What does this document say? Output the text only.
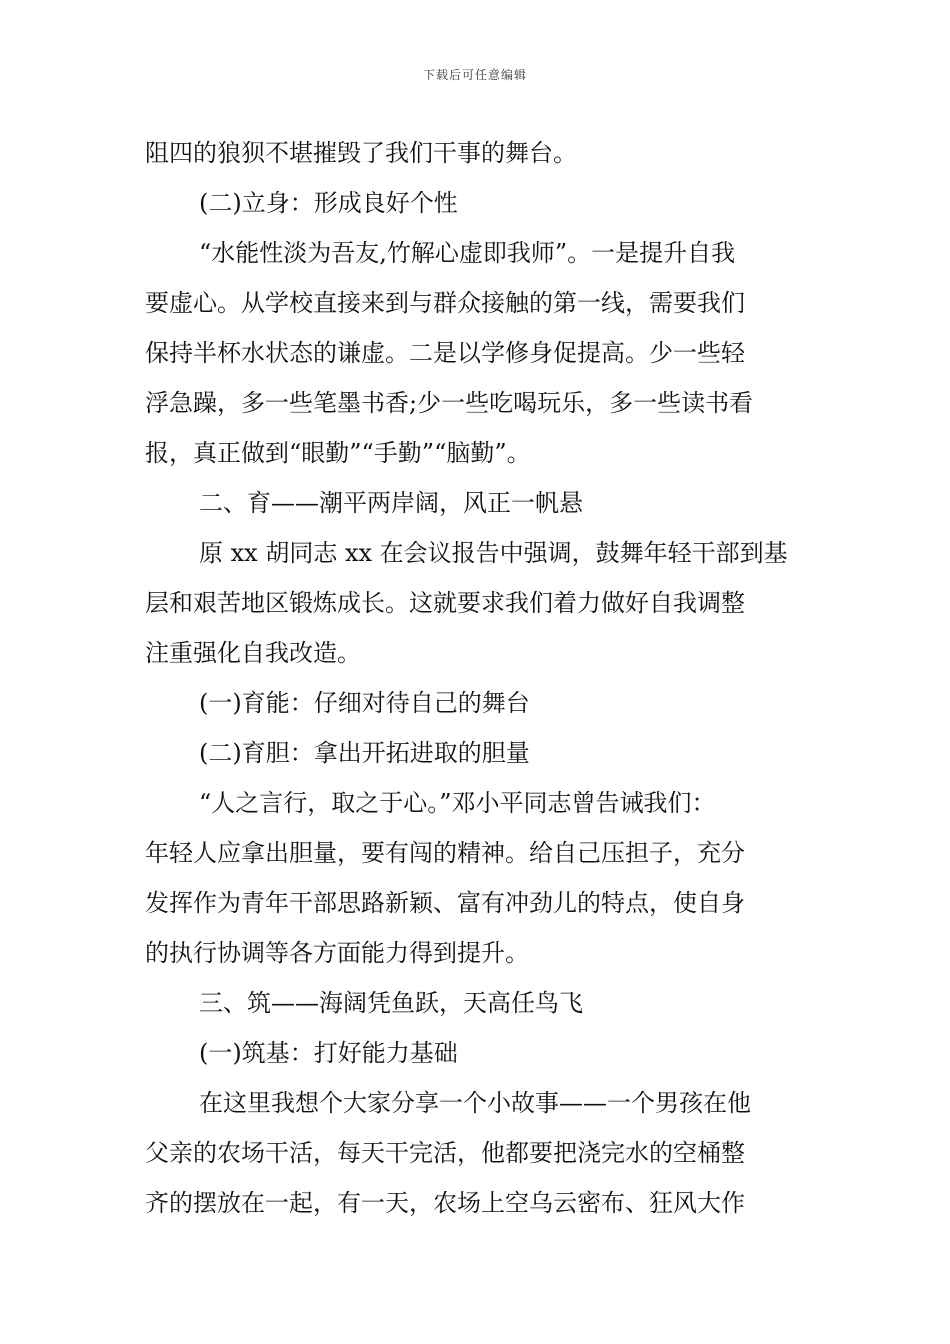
下载后可任意编辑
阻四的狼狈不堪摧毁了我们干事的舞台。
(二)立身：形成良好个性
“水能性淡为吾友,竹解心虚即我师”。一是提升自我
要虚心。从学校直接来到与群众接触的第一线，需要我们
保持半杯水状态的谦虚。二是以学修身促提高。少一些轻
浮急躁，多一些笔墨书香;少一些吃喝玩乐，多一些读书看
报，真正做到“眼勤”“手勤”“脑勤”。
二、育——潮平两岸阔，风正一帆悬
原 xx 胡同志 xx 在会议报告中强调，鼓舞年轻干部到基
层和艰苦地区锻炼成长。这就要求我们着力做好自我调整
注重强化自我改造。
(一)育能：仔细对待自己的舞台
(二)育胆：拿出开拓进取的胆量
“人之言行，取之于心。”邓小平同志曾告诫我们：
年轻人应拿出胆量，要有闯的精神。给自己压担子，充分
发挥作为青年干部思路新颖、富有冲劲儿的特点，使自身
的执行协调等各方面能力得到提升。
三、筑——海阔凭鱼跃，天高任鸟飞
(一)筑基：打好能力基础
在这里我想个大家分享一个小故事——一个男孩在他
父亲的农场干活，每天干完活，他都要把浇完水的空桶整
齐的摆放在一起，有一天，农场上空乌云密布、狂风大作
